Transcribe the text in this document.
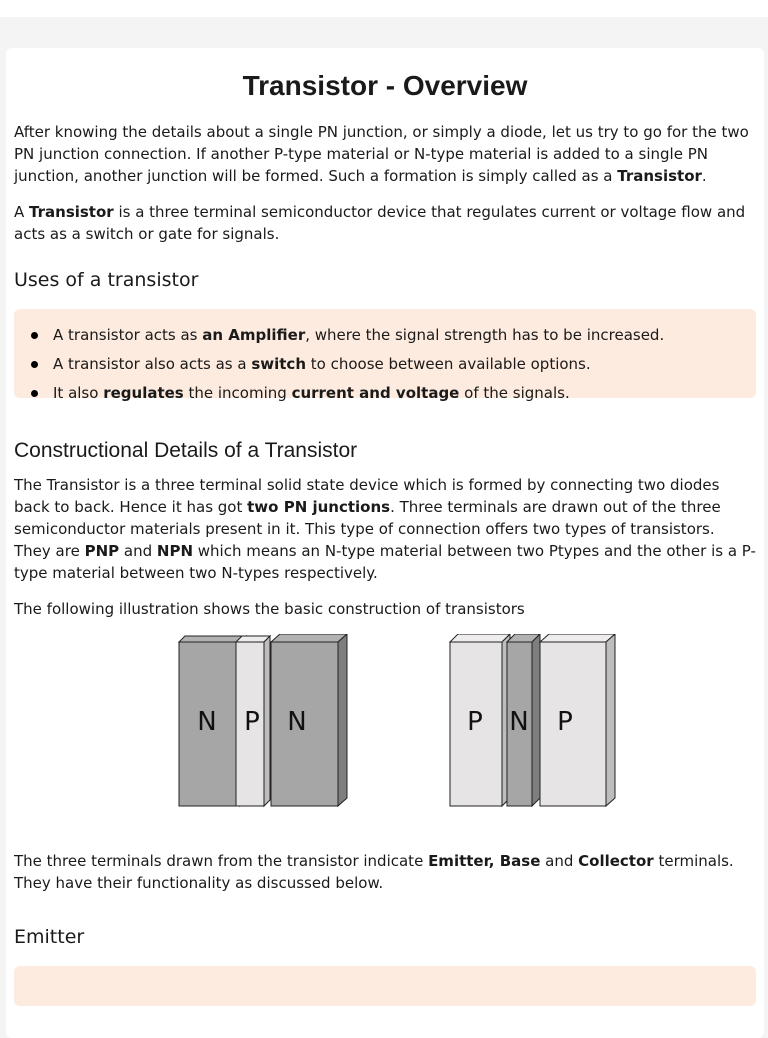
Transistor - Overview

After knowing the details about a single PN junction, or simply a diode, let us try to go for the two PN junction connection. If another P-type material or N-type material is added to a single PN junction, another junction will be formed. Such a formation is simply called as a Transistor.

A Transistor is a three terminal semiconductor device that regulates current or voltage flow and acts as a switch or gate for signals.

Uses of a transistor
A transistor acts as an Amplifier, where the signal strength has to be increased.
A transistor also acts as a switch to choose between available options.
It also regulates the incoming current and voltage of the signals.
Constructional Details of a Transistor

The Transistor is a three terminal solid state device which is formed by connecting two diodes back to back. Hence it has got two PN junctions. Three terminals are drawn out of the three semiconductor materials present in it. This type of connection offers two types of transistors. They are PNP and NPN which means an N-type material between two Ptypes and the other is a P-type material between two N-types respectively.

The following illustration shows the basic construction of transistors

N P N	P N P

The three terminals drawn from the transistor indicate Emitter, Base and Collector terminals. They have their functionality as discussed below.

Emitter
